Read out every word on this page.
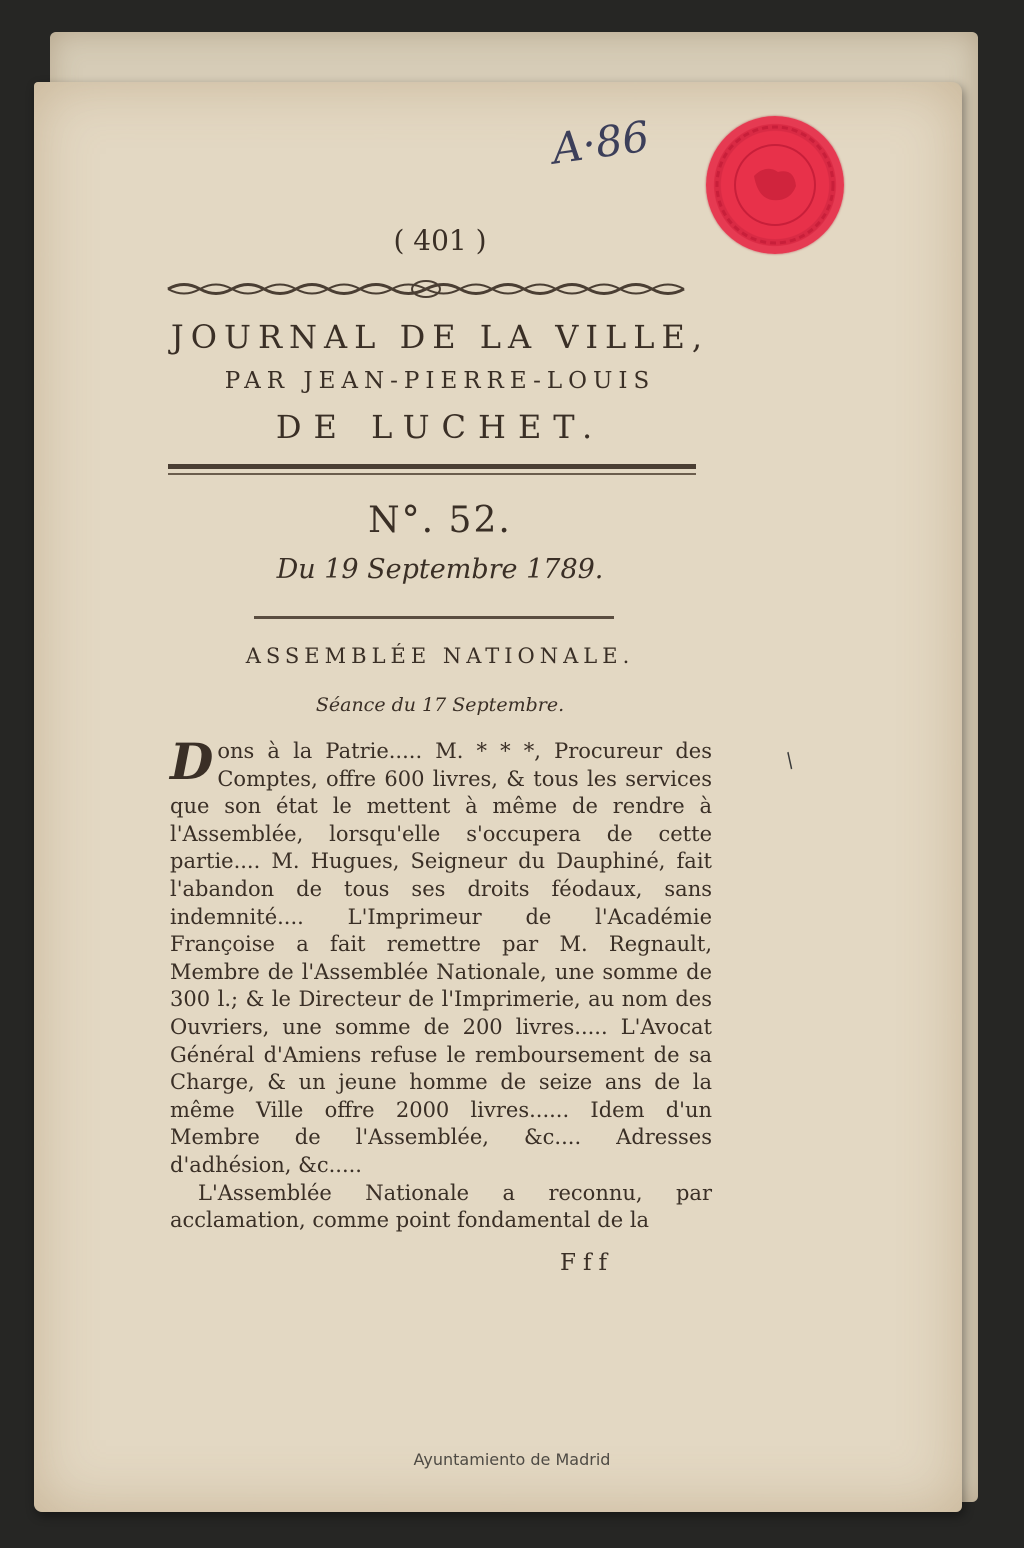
A·86
( 401 )
JOURNAL DE LA VILLE,
PAR JEAN-PIERRE-LOUIS
DE LUCHET.
N°. 52.
Du 19 Septembre 1789.
ASSEMBLÉE NATIONALE.
Séance du 17 Septembre.

Dons à la Patrie..... M. * * *, Procureur des Comptes, offre 600 livres, & tous les services que son état le mettent à même de rendre à l'Assemblée, lorsqu'elle s'occupera de cette partie.... M. Hugues, Seigneur du Dauphiné, fait l'abandon de tous ses droits féodaux, sans indemnité.... L'Imprimeur de l'Académie Françoise a fait remettre par M. Regnault, Membre de l'Assemblée Nationale, une somme de 300 l.; & le Directeur de l'Imprimerie, au nom des Ouvriers, une somme de 200 livres..... L'Avocat Général d'Amiens refuse le remboursement de sa Charge, & un jeune homme de seize ans de la même Ville offre 2000 livres...... Idem d'un Membre de l'Assemblée, &c.... Adresses d'adhésion, &c.....

L'Assemblée Nationale a reconnu, par acclamation, comme point fondamental de la

Fff
/
Ayuntamiento de Madrid
